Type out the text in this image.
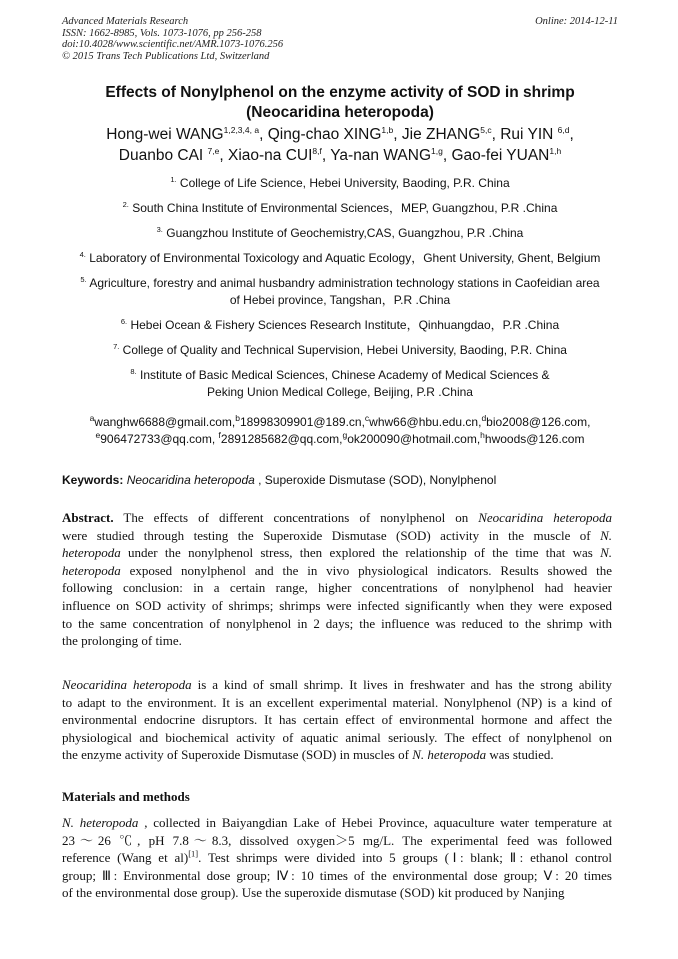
Advanced Materials Research
ISSN: 1662-8985, Vols. 1073-1076, pp 256-258
doi:10.4028/www.scientific.net/AMR.1073-1076.256
© 2015 Trans Tech Publications Ltd, Switzerland
Online: 2014-12-11
Effects of Nonylphenol on the enzyme activity of SOD in shrimp
(Neocaridina heteropoda)
Hong-wei WANG$^{1,2,3,4, a}$, Qing-chao XING$^{1,b}$, Jie ZHANG$^{5,c}$, Rui YIN $^{6,d}$,
Duanbo CAI $^{7,e}$, Xiao-na CUI$^{8,f}$, Ya-nan WANG$^{1,g}$, Gao-fei YUAN$^{1,h}$
$^{1.}$ College of Life Science, Hebei University, Baoding, P.R. China
$^{2.}$ South China Institute of Environmental Sciences，MEP, Guangzhou, P.R .China
$^{3.}$ Guangzhou Institute of Geochemistry,CAS, Guangzhou, P.R .China
$^{4.}$ Laboratory of Environmental Toxicology and Aquatic Ecology，Ghent University, Ghent, Belgium
$^{5.}$ Agriculture, forestry and animal husbandry administration technology stations in Caofeidian area
of Hebei province, Tangshan，P.R .China
$^{6.}$ Hebei Ocean & Fishery Sciences Research Institute，Qinhuangdao，P.R .China
$^{7.}$ College of Quality and Technical Supervision, Hebei University, Baoding, P.R. China
$^{8.}$ Institute of Basic Medical Sciences, Chinese Academy of Medical Sciences &
Peking Union Medical College, Beijing, P.R .China
$^a$wanghw6688@gmail.com,$^b$18998309901@189.cn,$^c$whw66@hbu.edu.cn,$^d$bio2008@126.com,
$^e$906472733@qq.com, $^f$2891285682@qq.com,$^g$ok200090@hotmail.com,$^h$hwoods@126.com
Keywords: Neocaridina heteropoda , Superoxide Dismutase (SOD), Nonylphenol
Abstract. The effects of different concentrations of nonylphenol on Neocaridina heteropoda
were studied through testing the Superoxide Dismutase (SOD) activity in the muscle of N.
heteropoda under the nonylphenol stress, then explored the relationship of the time that was N.
heteropoda exposed nonylphenol and the in vivo physiological indicators. Results showed the
following conclusion: in a certain range, higher concentrations of nonylphenol had heavier
influence on SOD activity of shrimps; shrimps were infected significantly when they were exposed
to the same concentration of nonylphenol in 2 days; the influence was reduced to the shrimp with
the prolonging of time.
Neocaridina heteropoda is a kind of small shrimp. It lives in freshwater and has the strong ability
to adapt to the environment. It is an excellent experimental material. Nonylphenol (NP) is a kind of
environmental endocrine disruptors. It has certain effect of environmental hormone and affect the
physiological and biochemical activity of aquatic animal seriously. The effect of nonylphenol on
the enzyme activity of Superoxide Dismutase (SOD) in muscles of N. heteropoda was studied.
Materials and methods
N. heteropoda , collected in Baiyangdian Lake of Hebei Province, aquaculture water temperature at
23～26 ℃, pH 7.8～8.3, dissolved oxygen＞5 mg/L. The experimental feed was followed
reference (Wang et al)[1]. Test shrimps were divided into 5 groups (Ⅰ: blank; Ⅱ: ethanol control
group; Ⅲ: Environmental dose group; Ⅳ: 10 times of the environmental dose group; Ⅴ: 20 times
of the environmental dose group). Use the superoxide dismutase (SOD) kit produced by Nanjing
